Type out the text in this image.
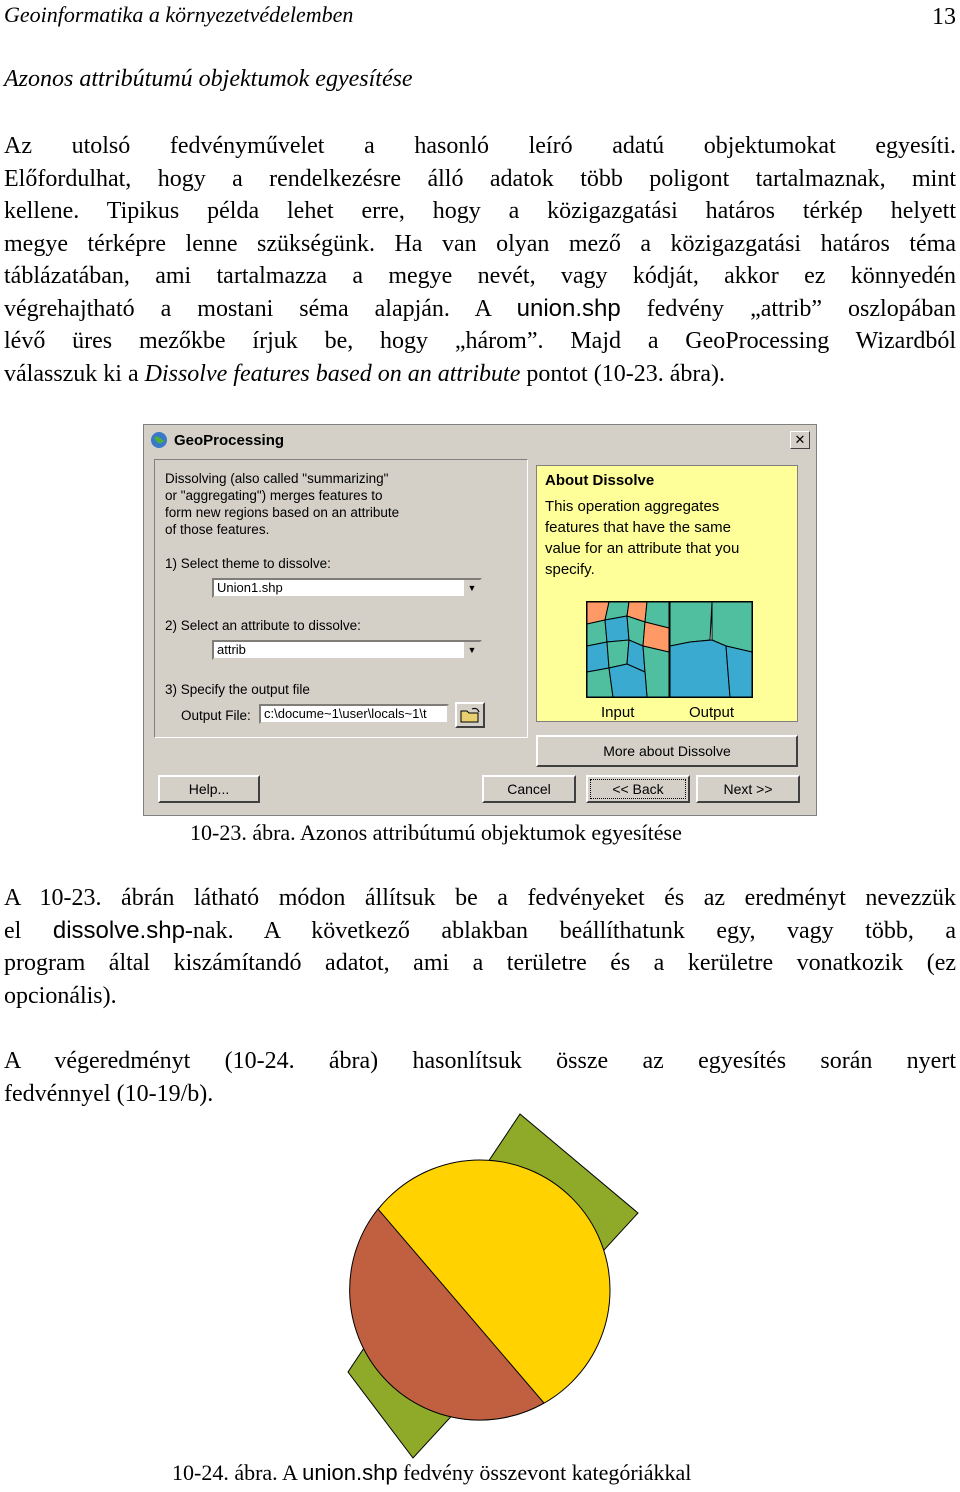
Geoinformatika a környezetvédelemben	13
Azonos attribútumú objektumok egyesítése
Az utolsó fedvényművelet a hasonló leíró adatú objektumokat egyesíti.
Előfordulhat, hogy a rendelkezésre álló adatok több poligont tartalmaznak, mint
kellene. Tipikus példa lehet erre, hogy a közigazgatási határos térkép helyett
megye térképre lenne szükségünk. Ha van olyan mező a közigazgatási határos téma
táblázatában, ami tartalmazza a megye nevét, vagy kódját, akkor ez könnyedén
végrehajtható a mostani séma alapján. A union.shp fedvény „attrib” oszlopában
lévő üres mezőkbe írjuk be, hogy „három”. Majd a GeoProcessing Wizardból
válasszuk ki a Dissolve features based on an attribute pontot (10-23. ábra).
GeoProcessing	✕
Dissolving (also called "summarizing"
or "aggregating") merges features to
form new regions based on an attribute
of those features.
1) Select theme to dissolve:
Union1.shp	▼
2) Select an attribute to dissolve:
attrib	▼
3) Specify the output file
Output File:	c:\docume~1\user\locals~1\t
About Dissolve
This operation aggregates
features that have the same
value for an attribute that you
specify.
Input	Output
More about Dissolve
Help...	Cancel	<< Back	Next >>
10-23. ábra. Azonos attribútumú objektumok egyesítése
A 10-23. ábrán látható módon állítsuk be a fedvényeket és az eredményt nevezzük
el dissolve.shp-nak. A következő ablakban beállíthatunk egy, vagy több, a
program által kiszámítandó adatot, ami a területre és a kerületre vonatkozik (ez
opcionális).
A végeredményt (10-24. ábra) hasonlítsuk össze az egyesítés során nyert
fedvénnyel (10-19/b).
10-24. ábra. A union.shp fedvény összevont kategóriákkal
